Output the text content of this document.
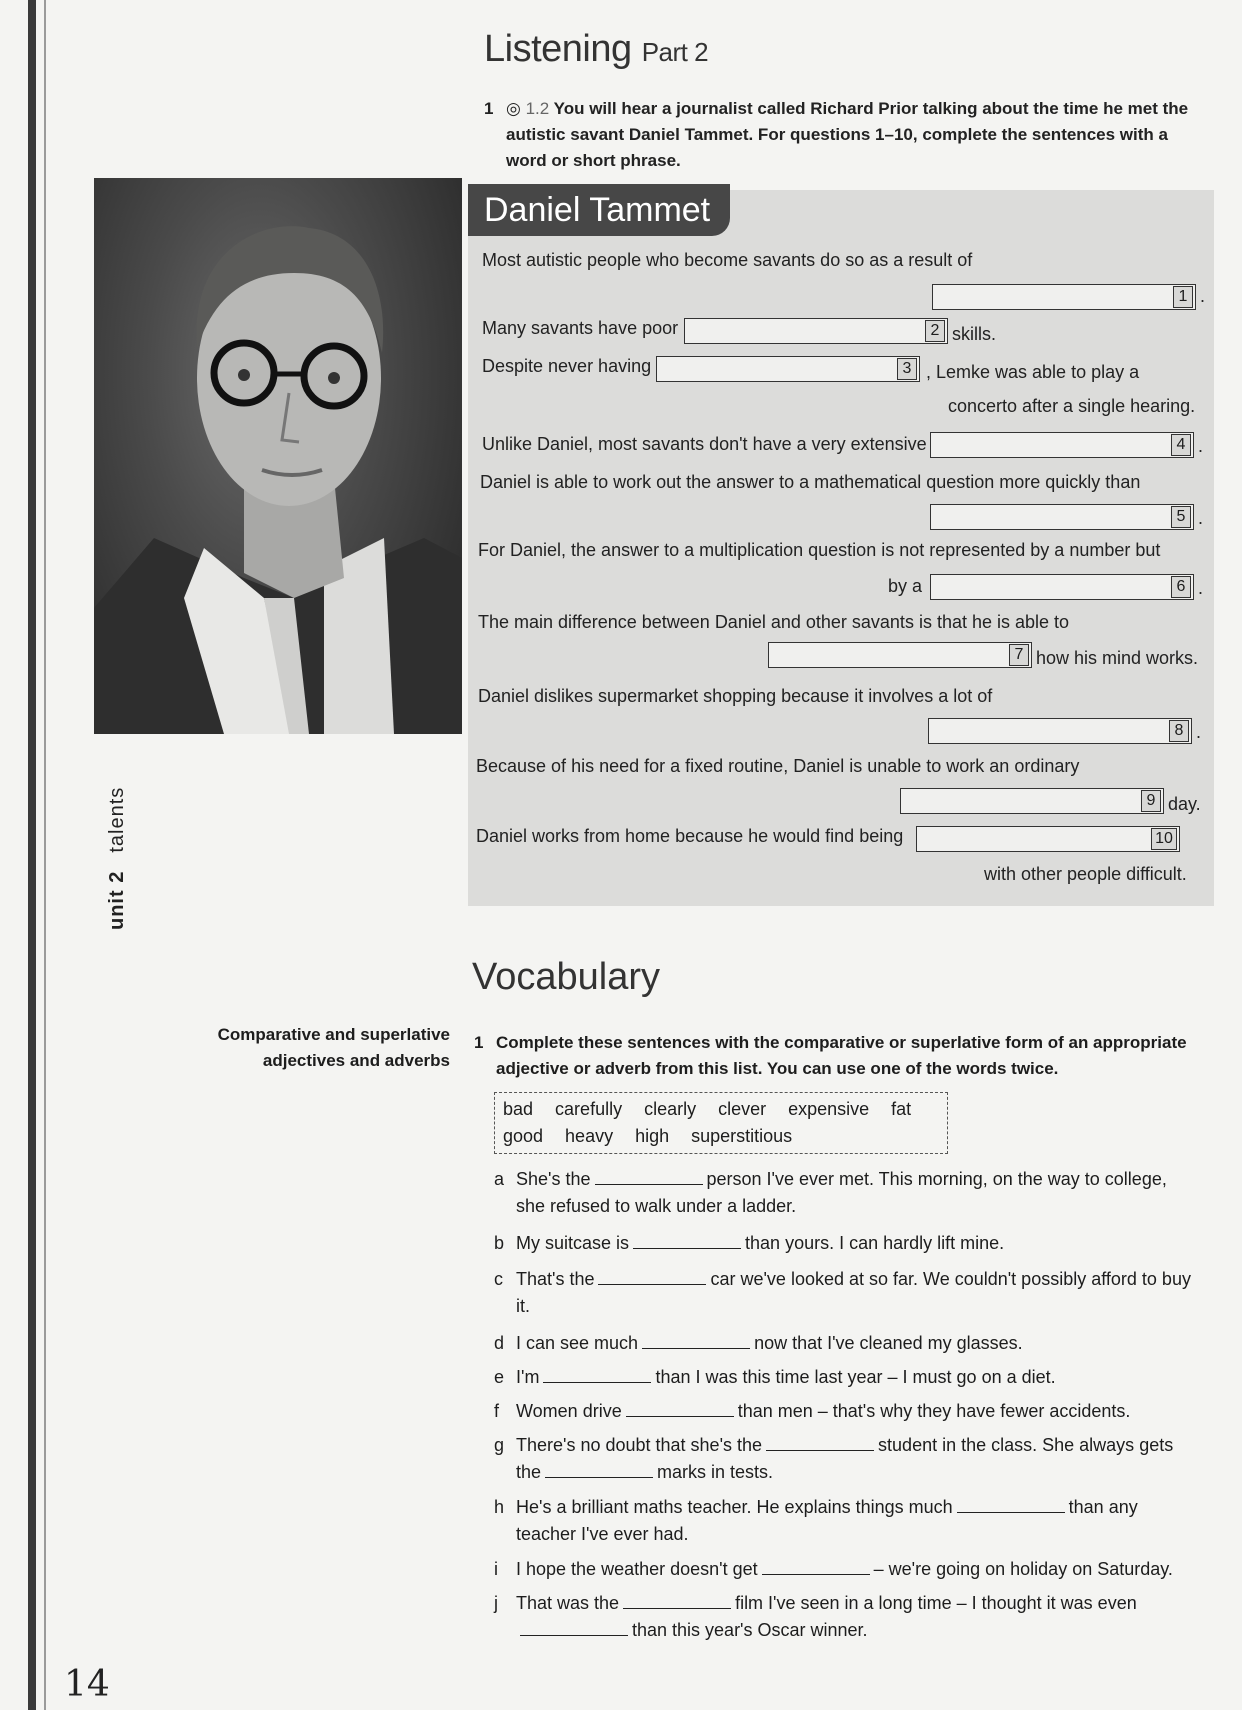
Listening Part 2
1 ◎ 1.2 You will hear a journalist called Richard Prior talking about the time he met the autistic savant Daniel Tammet. For questions 1–10, complete the sentences with a word or short phrase.
Daniel Tammet
Most autistic people who become savants do so as a result of
1 .
Many savants have poor	2 skills.
Despite never having	3 , Lemke was able to play a
concerto after a single hearing.
Unlike Daniel, most savants don't have a very extensive	4 .
Daniel is able to work out the answer to a mathematical question more quickly than
5 .
For Daniel, the answer to a multiplication question is not represented by a number but
by a	6 .
The main difference between Daniel and other savants is that he is able to
7 how his mind works.
Daniel dislikes supermarket shopping because it involves a lot of
8 .
Because of his need for a fixed routine, Daniel is unable to work an ordinary
9 day.
Daniel works from home because he would find being	10
with other people difficult.
unit 2talents
Vocabulary
Comparative and superlative adjectives and adverbs
1 Complete these sentences with the comparative or superlative form of an appropriate adjective or adverb from this list. You can use one of the words twice.
bad carefully clearly clever expensive fat
good heavy high superstitious
a She's the	person I've ever met. This morning, on the way to college, she refused to walk under a ladder.
b My suitcase is	than yours. I can hardly lift mine.
c That's the	car we've looked at so far. We couldn't possibly afford to buy it.
d I can see much	now that I've cleaned my glasses.
e I'm	than I was this time last year – I must go on a diet.
f Women drive	than men – that's why they have fewer accidents.
g There's no doubt that she's the	student in the class. She always gets the	marks in tests.
h He's a brilliant maths teacher. He explains things much	than any teacher I've ever had.
i	I hope the weather doesn't get	– we're going on holiday on Saturday.
j	That was the	film I've seen in a long time – I thought it was eventhan this year's Oscar winner.
14
